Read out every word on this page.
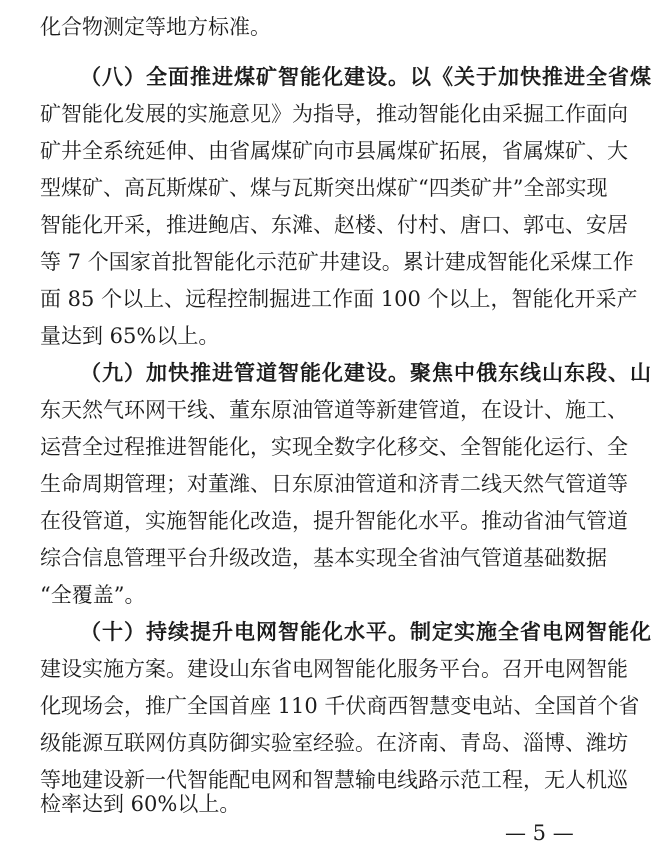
化合物测定等地方标准。
（八）全面推进煤矿智能化建设。以《关于加快推进全省煤
矿智能化发展的实施意见》为指导，推动智能化由采掘工作面向
矿井全系统延伸、由省属煤矿向市县属煤矿拓展，省属煤矿、大
型煤矿、高瓦斯煤矿、煤与瓦斯突出煤矿“四类矿井”全部实现
智能化开采，推进鲍店、东滩、赵楼、付村、唐口、郭屯、安居
等 7 个国家首批智能化示范矿井建设。累计建成智能化采煤工作
面 85 个以上、远程控制掘进工作面 100 个以上，智能化开采产
量达到 65%以上。
（九）加快推进管道智能化建设。聚焦中俄东线山东段、山
东天然气环网干线、董东原油管道等新建管道，在设计、施工、
运营全过程推进智能化，实现全数字化移交、全智能化运行、全
生命周期管理；对董潍、日东原油管道和济青二线天然气管道等
在役管道，实施智能化改造，提升智能化水平。推动省油气管道
综合信息管理平台升级改造，基本实现全省油气管道基础数据
“全覆盖”。
（十）持续提升电网智能化水平。制定实施全省电网智能化
建设实施方案。建设山东省电网智能化服务平台。召开电网智能
化现场会，推广全国首座 110 千伏商西智慧变电站、全国首个省
级能源互联网仿真防御实验室经验。在济南、青岛、淄博、潍坊
等地建设新一代智能配电网和智慧输电线路示范工程，无人机巡
检率达到 60%以上。
— 5 —
